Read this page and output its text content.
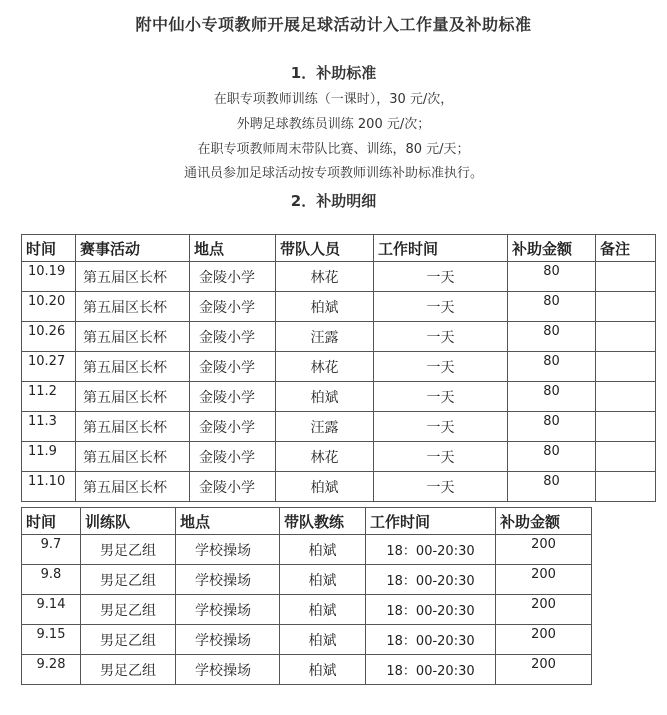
附中仙小专项教师开展足球活动计入工作量及补助标准
1．补助标准
在职专项教师训练（一课时），30 元/次，
外聘足球教练员训练 200 元/次；
在职专项教师周末带队比赛、训练，80 元/天；
通讯员参加足球活动按专项教师训练补助标准执行。
2．补助明细
时间	赛事活动	地点	带队人员	工作时间	补助金额	备注
10.19	第五届区长杯	金陵小学	林花	一天	80	
10.20	第五届区长杯	金陵小学	柏斌	一天	80	
10.26	第五届区长杯	金陵小学	汪露	一天	80	
10.27	第五届区长杯	金陵小学	林花	一天	80	
11.2	第五届区长杯	金陵小学	柏斌	一天	80	
11.3	第五届区长杯	金陵小学	汪露	一天	80	
11.9	第五届区长杯	金陵小学	林花	一天	80	
11.10	第五届区长杯	金陵小学	柏斌	一天	80	
时间	训练队	地点	带队教练	工作时间	补助金额
9.7	男足乙组	学校操场	柏斌	18：00-20:30	200
9.8	男足乙组	学校操场	柏斌	18：00-20:30	200
9.14	男足乙组	学校操场	柏斌	18：00-20:30	200
9.15	男足乙组	学校操场	柏斌	18：00-20:30	200
9.28	男足乙组	学校操场	柏斌	18：00-20:30	200
